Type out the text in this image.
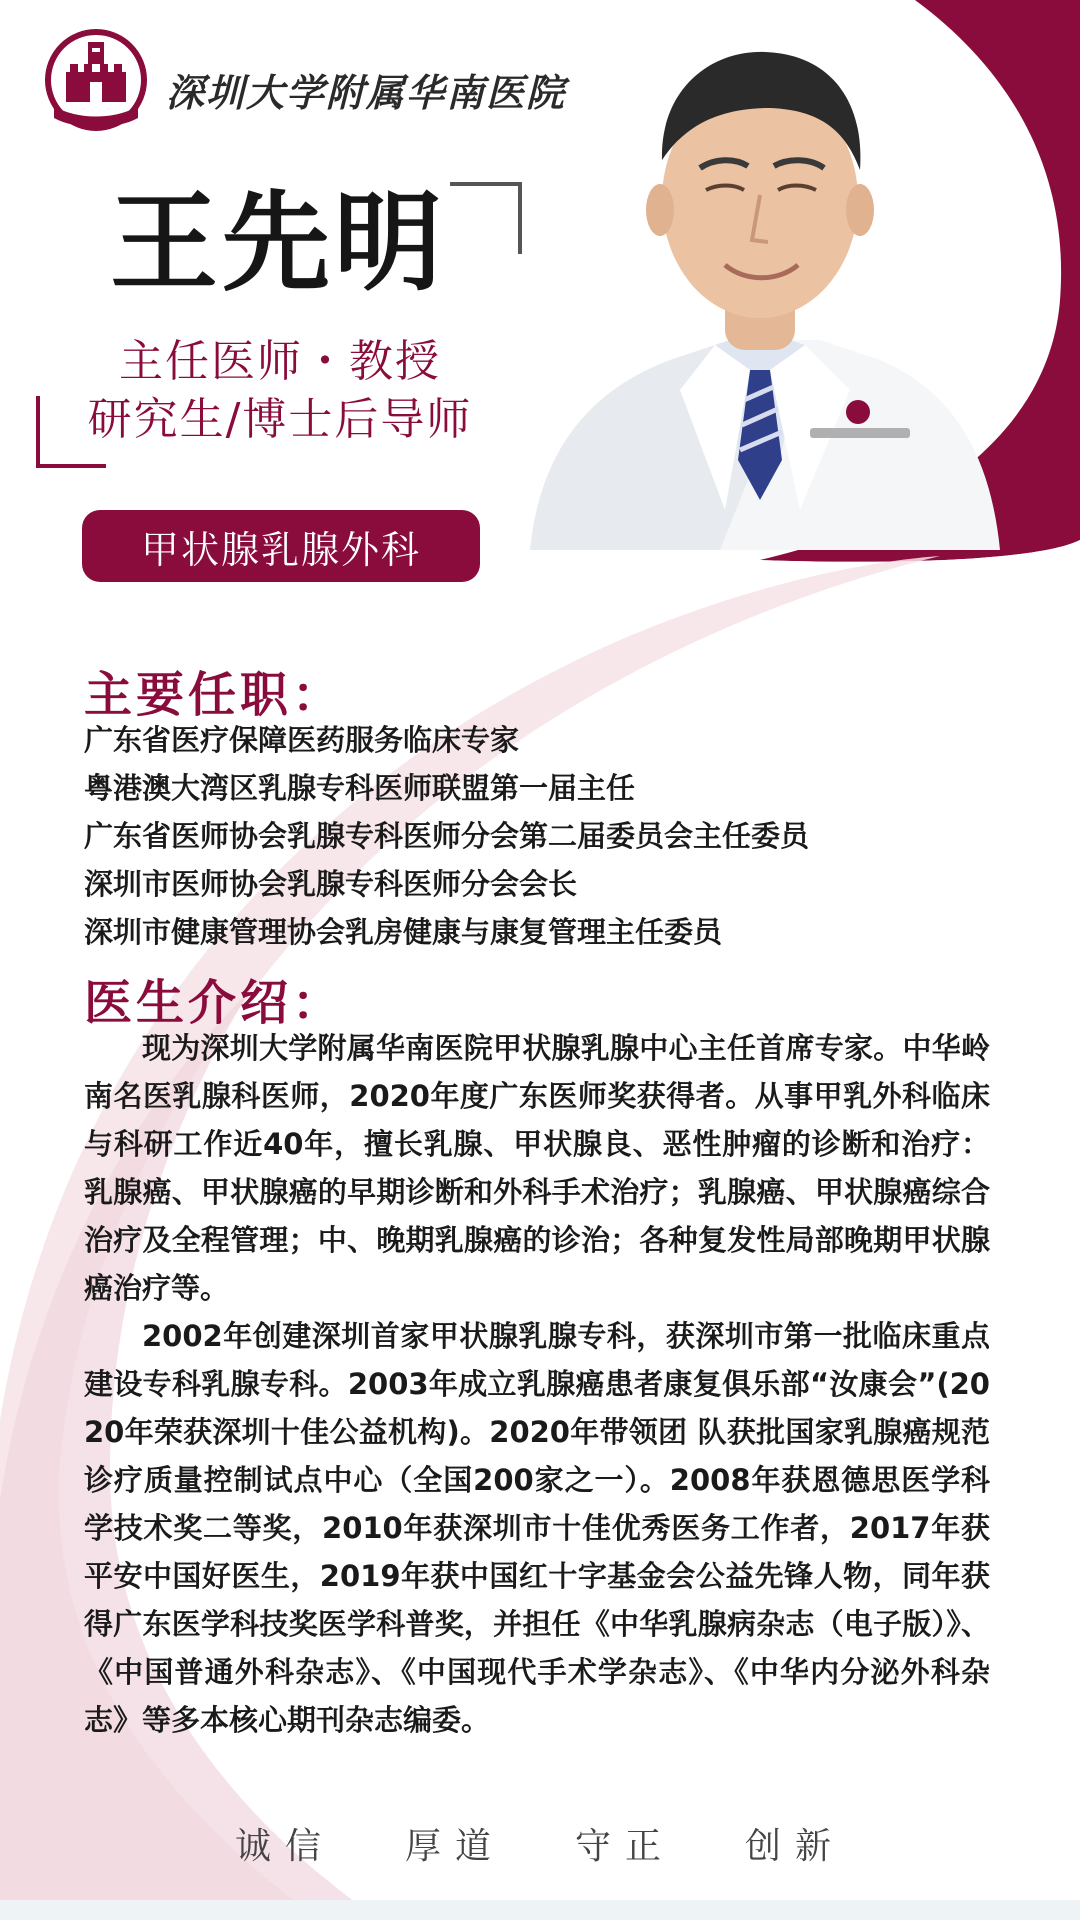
深圳大学附属华南医院
王先明
主任医师・教授
研究生/博士后导师
甲状腺乳腺外科
主要任职：
广东省医疗保障医药服务临床专家
粤港澳大湾区乳腺专科医师联盟第一届主任
广东省医师协会乳腺专科医师分会第二届委员会主任委员
深圳市医师协会乳腺专科医师分会会长
深圳市健康管理协会乳房健康与康复管理主任委员
医生介绍：

现为深圳大学附属华南医院甲状腺乳腺中心主任首席专家。中华岭南名医乳腺科医师，2020年度广东医师奖获得者。从事甲乳外科临床与科研工作近40年，擅长乳腺、甲状腺良、恶性肿瘤的诊断和治疗：乳腺癌、甲状腺癌的早期诊断和外科手术治疗；乳腺癌、甲状腺癌综合治疗及全程管理；中、晚期乳腺癌的诊治；各种复发性局部晚期甲状腺癌治疗等。

2002年创建深圳首家甲状腺乳腺专科，获深圳市第一批临床重点建设专科乳腺专科。2003年成立乳腺癌患者康复俱乐部“汝康会”(2020年荣获深圳十佳公益机构)。2020年带领团 队获批国家乳腺癌规范诊疗质量控制试点中心（全国200家之一）。2008年获恩德思医学科学技术奖二等奖，2010年获深圳市十佳优秀医务工作者，2017年获平安中国好医生，2019年获中国红十字基金会公益先锋人物，同年获得广东医学科技奖医学科普奖，并担任《中华乳腺病杂志（电子版）》、《中国普通外科杂志》、《中国现代手术学杂志》、《中华内分泌外科杂志》等多本核心期刊杂志编委。

诚信 厚道 守正 创新
